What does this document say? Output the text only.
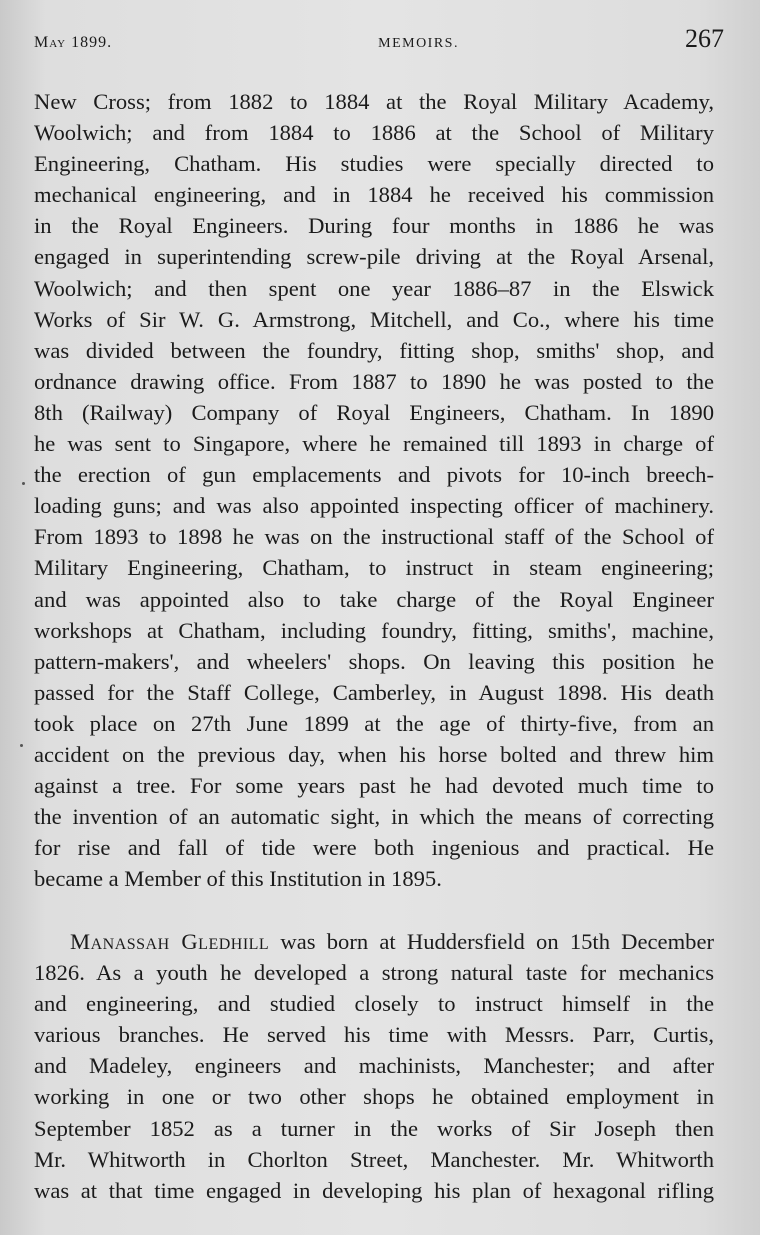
May 1899.	MEMOIRS.	267
New Cross; from 1882 to 1884 at the Royal Military Academy,
Woolwich; and from 1884 to 1886 at the School of Military
Engineering, Chatham. His studies were specially directed to
mechanical engineering, and in 1884 he received his commission
in the Royal Engineers. During four months in 1886 he was
engaged in superintending screw-pile driving at the Royal Arsenal,
Woolwich; and then spent one year 1886–87 in the Elswick
Works of Sir W. G. Armstrong, Mitchell, and Co., where his time
was divided between the foundry, fitting shop, smiths' shop, and
ordnance drawing office. From 1887 to 1890 he was posted to the
8th (Railway) Company of Royal Engineers, Chatham. In 1890
he was sent to Singapore, where he remained till 1893 in charge of
the erection of gun emplacements and pivots for 10-inch breech-
loading guns; and was also appointed inspecting officer of machinery.
From 1893 to 1898 he was on the instructional staff of the School of
Military Engineering, Chatham, to instruct in steam engineering;
and was appointed also to take charge of the Royal Engineer
workshops at Chatham, including foundry, fitting, smiths', machine,
pattern-makers', and wheelers' shops. On leaving this position he
passed for the Staff College, Camberley, in August 1898. His death
took place on 27th June 1899 at the age of thirty-five, from an
accident on the previous day, when his horse bolted and threw him
against a tree. For some years past he had devoted much time to
the invention of an automatic sight, in which the means of correcting
for rise and fall of tide were both ingenious and practical. He
became a Member of this Institution in 1895.
Manassah Gledhill was born at Huddersfield on 15th December
1826. As a youth he developed a strong natural taste for mechanics
and engineering, and studied closely to instruct himself in the
various branches. He served his time with Messrs. Parr, Curtis,
and Madeley, engineers and machinists, Manchester; and after
working in one or two other shops he obtained employment in
September 1852 as a turner in the works of Sir Joseph then
Mr. Whitworth in Chorlton Street, Manchester. Mr. Whitworth
was at that time engaged in developing his plan of hexagonal rifling
